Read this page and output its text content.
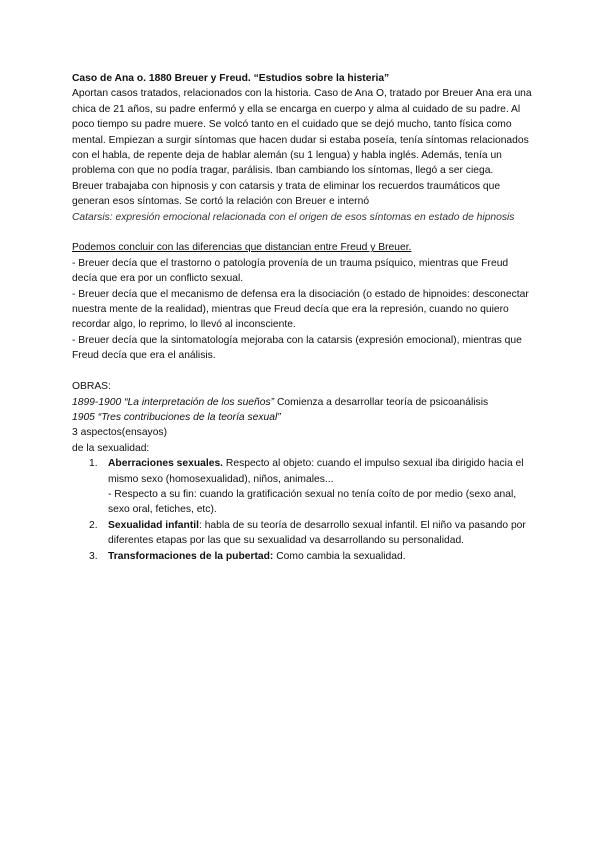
Caso de Ana o. 1880 Breuer y Freud. “Estudios sobre la histeria”

Aportan casos tratados, relacionados con la historia. Caso de Ana O, tratado por Breuer Ana era una chica de 21 años, su padre enfermó y ella se encarga en cuerpo y alma al cuidado de su padre. Al poco tiempo su padre muere. Se volcó tanto en el cuidado que se dejó mucho, tanto física como mental. Empiezan a surgir síntomas que hacen dudar si estaba poseía, tenía síntomas relacionados con el habla, de repente deja de hablar alemán (su 1 lengua) y habla inglés. Además, tenía un problema con que no podía tragar, parálisis. Iban cambiando los síntomas, llegó a ser ciega.

Breuer trabajaba con hipnosis y con catarsis y trata de eliminar los recuerdos traumáticos que generan esos síntomas. Se cortó la relación con Breuer e internó

Catarsis: expresión emocional relacionada con el origen de esos síntomas en estado de hipnosis

Podemos concluir con las diferencias que distancian entre Freud y Breuer.

- Breuer decía que el trastorno o patología provenía de un trauma psíquico, mientras que Freud decía que era por un conflicto sexual.

- Breuer decía que el mecanismo de defensa era la disociación (o estado de hipnoides: desconectar nuestra mente de la realidad), mientras que Freud decía que era la represión, cuando no quiero recordar algo, lo reprimo, lo llevó al inconsciente.

- Breuer decía que la sintomatología mejoraba con la catarsis (expresión emocional), mientras que Freud decía que era el análisis.

OBRAS:

1899-1900 “La interpretación de los sueños” Comienza a desarrollar teoría de psicoanálisis

1905 “Tres contribuciones de la teoría sexual”

3 aspectos(ensayos)

de la sexualidad:

1. Aberraciones sexuales. Respecto al objeto: cuando el impulso sexual iba dirigido hacia el mismo sexo (homosexualidad), niños, animales...

- Respecto a su fin: cuando la gratificación sexual no tenía coíto de por medio (sexo anal, sexo oral, fetiches, etc).

2. Sexualidad infantil: habla de su teoría de desarrollo sexual infantil. El niño va pasando por diferentes etapas por las que su sexualidad va desarrollando su personalidad.
3. Transformaciones de la pubertad: Como cambia la sexualidad.
